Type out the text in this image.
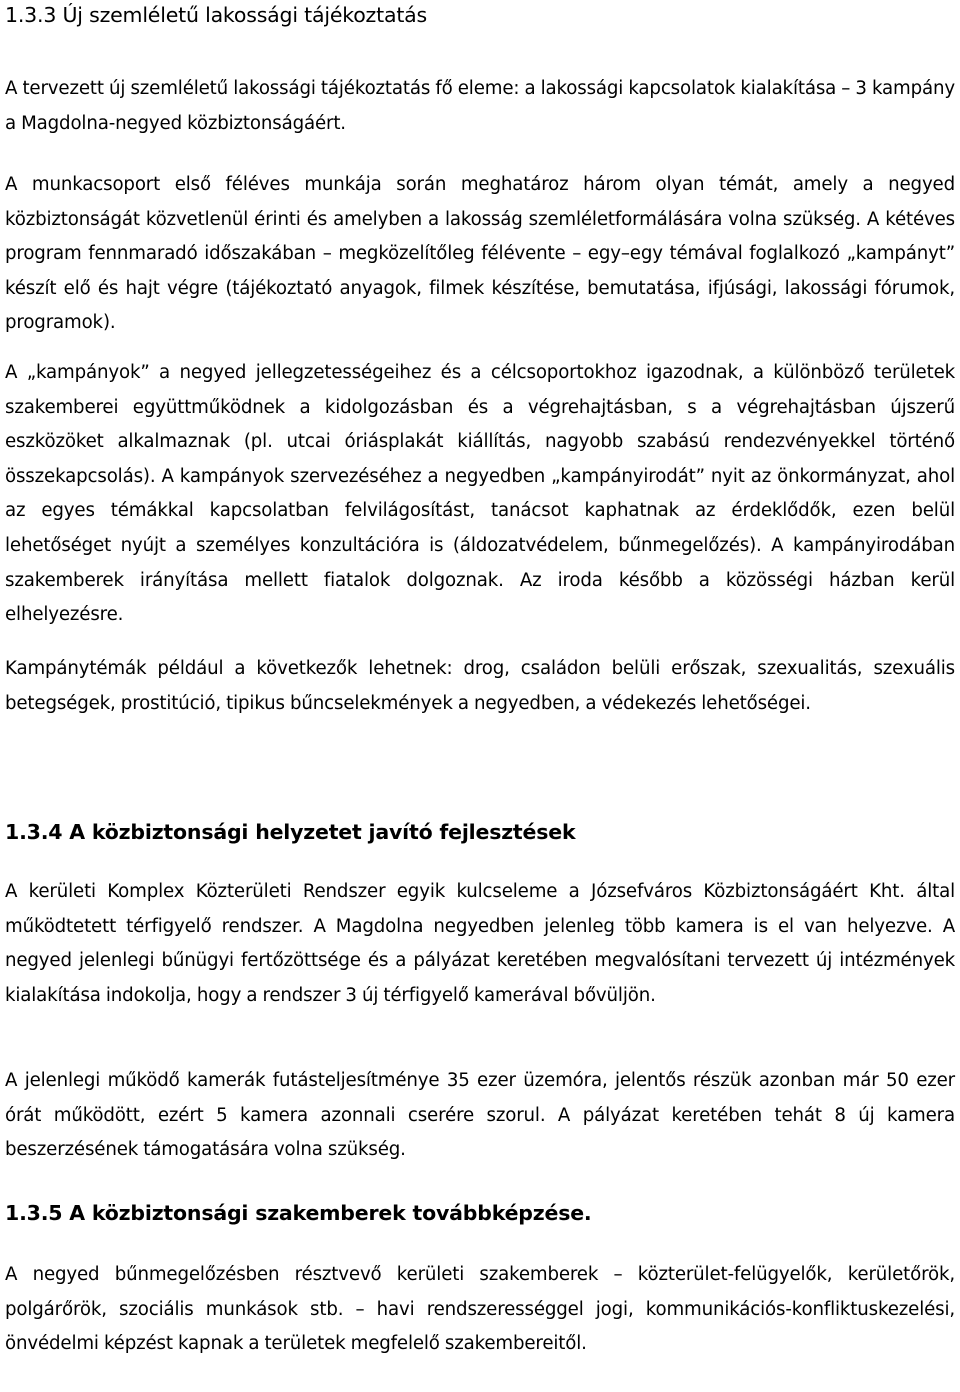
1.3.3 Új szemléletű lakossági tájékoztatás

A tervezett új szemléletű lakossági tájékoztatás fő eleme: a lakossági kapcsolatok kialakítása – 3 kampány a Magdolna-negyed közbiztonságáért.

A munkacsoport első féléves munkája során meghatároz három olyan témát, amely a negyed közbiztonságát közvetlenül érinti és amelyben a lakosság szemléletformálására volna szükség. A kétéves program fennmaradó időszakában – megközelítőleg félévente – egy–egy témával foglalkozó „kampányt” készít elő és hajt végre (tájékoztató anyagok, filmek készítése, bemutatása, ifjúsági, lakossági fórumok, programok).

A „kampányok” a negyed jellegzetességeihez és a célcsoportokhoz igazodnak, a különböző területek szakemberei együttműködnek a kidolgozásban és a végrehajtásban, s a végrehajtásban újszerű eszközöket alkalmaznak (pl. utcai óriásplakát kiállítás, nagyobb szabású rendezvényekkel történő összekapcsolás). A kampányok szervezéséhez a negyedben „kampányirodát” nyit az önkormányzat, ahol az egyes témákkal kapcsolatban felvilágosítást, tanácsot kaphatnak az érdeklődők, ezen belül lehetőséget nyújt a személyes konzultációra is (áldozatvédelem, bűnmegelőzés). A kampányirodában szakemberek irányítása mellett fiatalok dolgoznak. Az iroda később a közösségi házban kerül elhelyezésre.

Kampánytémák például a következők lehetnek: drog, családon belüli erőszak, szexualitás, szexuális betegségek, prostitúció, tipikus bűncselekmények a negyedben, a védekezés lehetőségei.

1.3.4 A közbiztonsági helyzetet javító fejlesztések

A kerületi Komplex Közterületi Rendszer egyik kulcseleme a Józsefváros Közbiztonságáért Kht. által működtetett térfigyelő rendszer. A Magdolna negyedben jelenleg több kamera is el van helyezve. A negyed jelenlegi bűnügyi fertőzöttsége és a pályázat keretében megvalósítani tervezett új intézmények kialakítása indokolja, hogy a rendszer 3 új térfigyelő kamerával bővüljön.

A jelenlegi működő kamerák futásteljesítménye 35 ezer üzemóra, jelentős részük azonban már 50 ezer órát működött, ezért 5 kamera azonnali cserére szorul. A pályázat keretében tehát 8 új kamera beszerzésének támogatására volna szükség.

1.3.5 A közbiztonsági szakemberek továbbképzése.

A negyed bűnmegelőzésben résztvevő kerületi szakemberek – közterület-felügyelők, kerületőrök, polgárőrök, szociális munkások stb. – havi rendszerességgel jogi, kommunikációs-konfliktuskezelési, önvédelmi képzést kapnak a területek megfelelő szakembereitől.
